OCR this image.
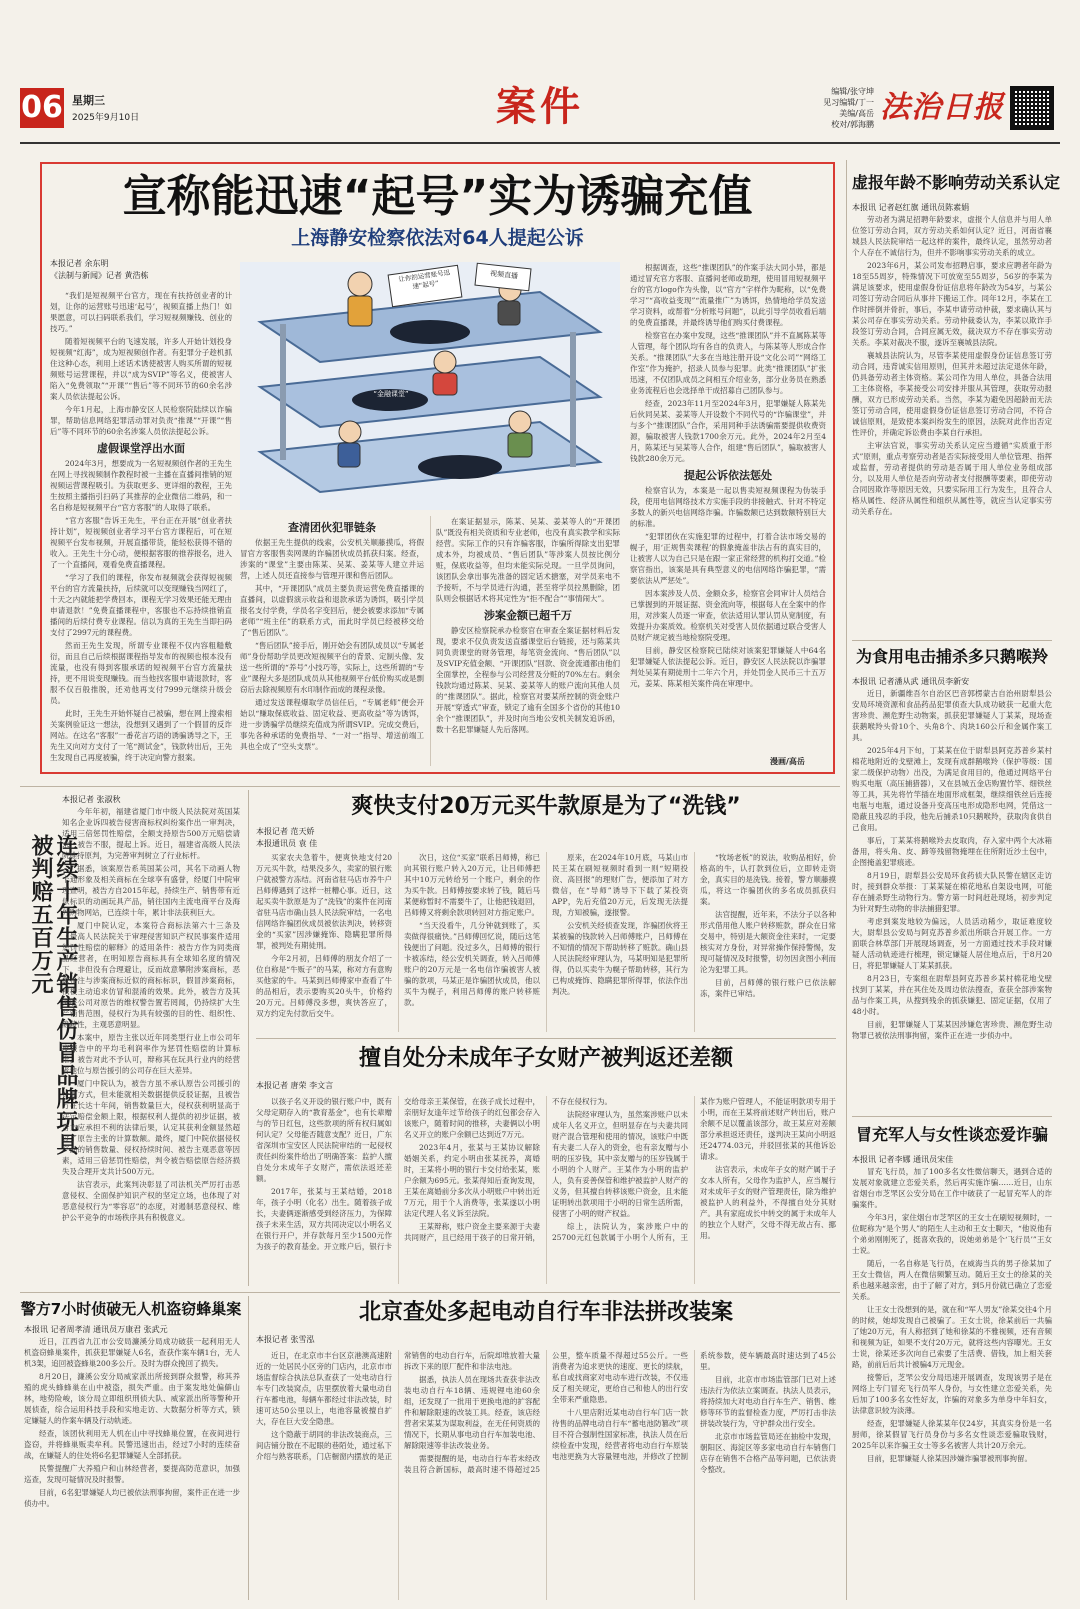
06 星期三
2025年9月10日	案件	编辑/张守坤
见习编辑/丁一
美编/高岳
校对/郭海鹏 法治日报
宣称能迅速“起号”实为诱骗充值
上海静安检察依法对64人提起公诉
本报记者 余东明
《法制与新闻》记者 黄浩栋

“我们是短视频平台官方，现在有扶持创业者的计划，让你的运营账号迅速‘起号’，视频直播上热门！如果愿意，可以扫码联系我们，学习短视频赚钱、创业的技巧。”

随着短视频平台的飞速发展，许多人开始计划投身短视频“红海”，成为短视频创作者。有犯罪分子趁机抓住这种心态，利用上述话术诱使被害人购买所谓的短视频账号运营课程，并以“成为SVIP”等名义，使被害人陷入“免费领取”“开课”“售后”等不同环节的60余名涉案人员依法提起公诉。

今年1月起，上海市静安区人民检察院陆续以诈骗罪，帮助信息网络犯罪活动罪对负责“推课”“开课”“售后”等不同环节的60余名涉案人员依法提起公诉。

虚假课堂浮出水面

2024年3月，想要成为一名短视频创作者的王先生在网上寻找视频制作教程时被一主播在直播间推销的短视频运营课程吸引。为获取更多、更详细的教程，王先生按照主播指引扫码了其推荐的企业微信二维码，和一名自称是短视频平台“官方客服”的人取得了联系。

“官方客服”告诉王先生，平台正在开展“创业者扶持计划”，短视频创业者学习平台官方课程后，可在短视频平台发布视频，开展直播带货，能轻松获得不错的收入。王先生十分心动，便根据客服的推荐报名，进入了一个直播间，观看免费直播课程。

“学习了我们的课程，你发布视频就会获得短视频平台的官方流量扶持，后续就可以变现赚钱当网红了，十天之内就能把学费回本，课程无学习效果还能无理由申请退款！”免费直播课程中，客服也不忘持续推销直播间的后续付费专业课程。信以为真的王先生当即扫码支付了2997元的课程费。

然而王先生发现，所谓专业课程不仅内容粗糙敷衍，而且自己后续根据课程指导发布的视频也根本没有流量，也没有得到客服承诺的短视频平台官方流量扶持，更不用说变现赚钱。而当他找客服申请退款时，客服不仅百般推脱，还劝他再支付7999元继续升级会员。

此时，王先生开始怀疑自己被骗，想在网上搜索相关案例验证这一想法，没想到又遇到了一个假冒的反诈网站。在这名“客服”一番花言巧语的诱骗诱导之下，王先生又向对方支付了一笔“测试金”，钱款转出后，王先生发现自己再度被骗，终于决定向警方报案。

让你的运营账号迅速“起号”
视频直播
“金融课堂”

根据调查，这些“推课团队”的作案手法大同小异，都是通过冒充官方客服、直播间老师或助理，使用冒用短视频平台的官方logo作为头像，以“官方”字样作为昵称，以“免费学习”“高收益变现”“流量推广”为诱饵，热情地给学员发送学习资料，或帮着“分析账号问题”，以此引导学员收看后端的免费直播课，并最终诱导他们购买付费课程。

检察官在办案中发现，这些“推课团队”并不直属陈某等人管理，每个团队均有各自的负责人，与陈某等人形成合作关系。“推课团队”大多在当地注册开设“文化公司”“网络工作室”作为掩护，招录人员参与犯罪。此类“推课团队”扩张迅速，不仅团队成员之间相互介绍业务，部分业务员在熟悉业务流程后也会选择单干成招募自己团队参与。

经查，2023年11月至2024年3月，犯罪嫌疑人陈某先后伙同吴某、姜某等人开设数个不同代号的“诈骗课堂”，并与多个“推课团队”合作，采用同种手法诱骗需要提供收费资源，骗取被害人钱款1700余万元。此外，2024年2月至4月，陈某还与吴某等人合作，组建“售后团队”，骗取被害人钱款280余万元。

提起公诉依法惩处

检察官认为，本案是一起以售卖短视频课程为伪装手段，使用电信网络技术方实施手段的非接触式、针对不特定多数人的新兴电信网络诈骗。诈骗数额已达到数额特别巨大的标准。

“犯罪团伙在实施犯罪的过程中，打着合法市场交易的幌子，用‘正规售卖课程’的假象掩盖非法占有的真实目的，让被害人以为自己只是在跟一家正常经营的机构打交道。”检察官指出，该案是具有典型意义的电信网络诈骗犯罪，“需要依法从严惩处”。

因本案涉及人员、金额众多，检察官会同审计人员结合已掌握到的开展证据、资金流向等，根据每人在全案中的作用，对涉案人员逐一审查，依法适用认罪认罚从宽制度，有效提升办案质效。检察机关对受害人员依据通过联合受害人员财产规定被当地检察院受理。

目前，静安区检察院已陆续对该案犯罪嫌疑人中64名犯罪嫌疑人依法提起公诉。近日，静安区人民法院以诈骗罪判处吴某有期徒刑十二年六个月，并处罚金人民币三十五万元，姜某、陈某相关案件尚在审理中。

漫画/高岳
查清团伙犯罪链条

依据王先生提供的线索，公安机关顺藤摸瓜，将假冒官方客服售卖网课的诈骗团伙成员抓获归案。经查，涉案的“课堂”主要由陈某、吴某、姜某等人建立并运营，上述人员还直接参与管理开课和售后团队。

其中，“开课团队”成员主要负责运营免费直播课的直播间，以虚假演示收益和退款承诺为诱饵，吸引学员报名支付学费，学员名字变回后，便会被要求添加“专属老师”“班主任”的联系方式，而此时学员已经被移交给了“售后团队”。

“售后团队”接手后，刚开始会有团队成员以“专属老师”身份帮助学员更改短视频平台的背景、定制头像、发送一些所谓的“养号”小技巧等，实际上，这些所谓的“专业”课程大多是团队成员从其他视频平台低价购买或是剽窃后去除视频原有水印制作而成的课程录像。

通过发送课程爆取学员信任后，“专属老师”便会开始以“赚取保底收益、固定收益、更高收益”等为诱饵，进一步诱骗学员继续充值成为所谓SVIP。完成交费后，事先各种承诺的免费指导、“一对一”指导、增送前端工具也全成了“空头支票”。

在案证据显示，陈某、吴某、姜某等人的“开课团队”既没有相关资质和专业老师，也没有真实教学和实际经营。实际工作的只有诈骗客服，诈骗所得除支出犯罪成本外，均被成员、“售后团队”等涉案人员按比例分赃，保底收益等，但均未能实际兑现。一旦学员询问，该团队会拿出事先准备的固定话术搪塞，对学员来电不予接听，不与学员进行沟通，甚至将学员拉黑删除，团队则会根据话术将其定性为“拒不配合”“事情闹大”。

涉案金额已超千万

静安区检察院承办检察官在审查全案证据材料后发现，要求不仅负责发送直播课堂后台链接，还与陈某共同负责课堂的财务管理，每笔资金流向、“售后团队”以及SVIP充值金额、“开课团队”回款、资金流通都由他们全面掌控，全程参与公司经营及分赃的70%左右。剩余钱款均通过陈某、吴某、姜某等人的账户流向其他人员的“推课团队”。据此，检察官对要某所控制的资金账户开展“穿透式”审查，锁定了逾有全国多个省份的其他10余个“推课团队”，并及时向当地公安机关制发追诉函，数十名犯罪嫌疑人先后落网。

虚报年龄不影响劳动关系认定

本报讯 记者赵红旗 通讯员陈素娟

劳动者为满足招聘年龄要求，虚报个人信息并与用人单位签订劳动合同，双方劳动关系如何认定？近日，河南省襄城县人民法院审结一起这样的案件，最终认定，虽然劳动者个人存在不诚信行为，但并不影响事实劳动关系的成立。

2023年6月，某公司发布招聘启事，要求应聘者年龄为18至55周岁，特殊情况下可放宽至55周岁，56岁的李某为满足该要求，使用虚假身份证信息将年龄改为54岁，与某公司签订劳动合同后从事井下搬运工作。同年12月，李某在工作时摔倒并骨折，事后，李某申请劳动仲裁，要求确认其与某公司存在事实劳动关系。劳动仲裁委认为，李某以欺诈手段签订劳动合同，合同应属无效，裁决双方不存在事实劳动关系。李某对裁决不服，遂诉至襄城县法院。

襄城县法院认为，尽管李某使用虚假身份证信息签订劳动合同，违背诚实信用原则，但其并未超过法定退休年龄，仍具备劳动者主体资格。某公司作为用人单位，具备合法用工主体资格，李某接受公司安排并服从其管理，获取劳动报酬，双方已形成劳动关系。当然，李某为避免因超龄而无法签订劳动合同，使用虚假身份证信息签订劳动合同，不符合诚信原则，是致使本案纠纷发生的原因，法院对此作出否定性评价，并确定诉讼费由李某自行承担。

主审法官说，事实劳动关系认定应当遵循“实质重于形式”原则，重点考察劳动者是否实际接受用人单位管理、指挥或监督，劳动者提供的劳动是否属于用人单位业务组成部分，以及用人单位是否向劳动者支付报酬等要素，即使劳动合同因欺诈等原因无效，只要实际用工行为发生，且符合人格从属性、经济从属性和组织从属性等，就应当认定事实劳动关系存在。

为食用电击捕杀多只鹅喉羚

本报讯 记者潘从武 通讯员李新安

近日，新疆维吾尔自治区巴音郭楞蒙古自治州尉犁县公安局环境资源和食品药品犯罪侦查大队成功破获一起重大危害珍贵、濒危野生动物案，抓获犯罪嫌疑人丁某某，现场查获鹅喉羚头骨10个、头角8个、肉块160公斤和金属作案工具。

2025年4月下旬，丁某某在位于尉犁县阿克苏普乡某村棉花地附近的戈壁滩上，发现有成群鹅喉羚（保护等级：国家二级保护动物）出没，为满足食用目的，他通过网络平台购买电瓶（高压捕猎器），又在县城五金店购置竹竿、细铁丝等工具，其先将竹竿插在地面形成框架，继续细铁丝后连接电瓶与电瓶，通过设备升变高压电形成隐形电网，凭借这一隐蔽且残忍的手段，他先后捕杀10只鹅喉羚，获取肉食供自己食用。

事后，丁某某将鹅喉羚去皮取肉，存入家中两个大冰箱备用，将头角、皮、蹄等残留物掩埋在住所附近沙土包中，企图掩盖犯罪痕迹。

8月19日，尉犁县公安局环食药侦大队民警在辖区走访时，接到群众举报：丁某某疑在棉花地私自架设电网，可能存在捕杀野生动物行为。警方第一时间赶赴现场，初步判定为针对野生动物的非法捕猎犯罪。

考虑到案发地较为偏远，人员活动稀少，取证难度较大，尉犁县公安局与阿克苏普乡派出所联合开展工作。一方面联合林草部门开展现场调查，另一方面通过技术手段对嫌疑人活动轨迹进行梳理，锁定嫌疑人居住地点后，于8月20日，将犯罪嫌疑人丁某某抓获。

8月23日，专案组在尉犁县阿克苏普乡某村棉花地戈壁找到丁某某，并在其住处及周边依法搜查，查获全部涉案物品与作案工具，从搜到残余的抓获嫌犯、固定证据，仅用了48小时。

目前，犯罪嫌疑人丁某某因涉嫌危害珍贵、濒危野生动物罪已被依法刑事拘留，案件正在进一步侦办中。

冒充军人与女性谈恋爱诈骗

本报讯 记者李娜 通讯员宋佳

冒充飞行员，加了100多名女性微信聊天，遇到合适的发展对象就建立恋爱关系，然后再实施诈骗……近日，山东省烟台市芝罘区公安分局在工作中破获了一起冒充军人的诈骗案件。

今年3月，家住烟台市芝罘区的王女士在刷短视频时，一位昵称为“是个男人”的陌生人主动和王女士聊天，“他说他有个弟弟刚刚死了，挺喜欢我的，说她弟弟是个‘飞行员’”王女士说。

随后，一名自称是飞行员，在威海当兵的男子徐某加了王女士微信，两人在微信频繁互动。随后王女士的徐某的关系也越来越亲密，由于了解了对方，到5月份就已确立了恋爱关系。

让王女士没想到的是，就在和“军人男友”徐某交往4个月的时候，她却发现自己被骗了。王女士说，徐某前后一共骗了她20万元，有人称招到了她和徐某的不雅视频，还有音频和视频为证，如果不支付20万元，就将这些内容曝光。王女士说，徐某还多次向自己索要了生活费、借钱，加上相关套路，前前后后共计被骗4万元现金。

接警后，芝罘公安分局迅速开展调查，发现该男子是在网络上专门冒充飞行员军人身份，与女性建立恋爱关系，先后加了100多名女性好友，诈骗的对象多为单身中年妇女，法律意识较为淡薄。

经查，犯罪嫌疑人徐某某年仅24岁，其真实身份是一名厨师，徐某假冒飞行员身份与多名女性谈恋爱骗取钱财，2025年以来诈骗王女士等多名被害人共计20万余元。

目前，犯罪嫌疑人徐某因涉嫌诈骗罪被刑事拘留。

连续十年生产销售仿冒品牌玩具被判赔五百万元

本报记者 张淑秋

今年年初，福建省厦门市中级人民法院对英国某知名企业诉四被告侵害商标权纠纷案作出一审判决，适用三倍惩罚性赔偿，全额支持原告500万元赔偿请求，被告不服，提起上诉。近日，福建省高级人民法院维持原判，为完善审判树立了行业标杆。

据悉，该案原告系英国某公司，其名下动画人物卡通形象及相关商标在全球享有盛誉，经厦门中院审理查明，被告方自2015年起，持续生产、销售带有近似标识的动画玩具产品，销往国内主流电商平台及海外购物网站，已连续十年，累计非法获利巨大。

厦门中院认定，本案符合商标法第六十三条及《最高人民法院关于审理侵害知识产权民事案件适用惩罚性赔偿的解释》的适用条件：被告方作为同类商品经营者，在明知原告商标具有全球知名度的情况下，非但没有合理避让，反而故意攀附涉案商标，恶意抢注与涉案商标近似的商标标识，假冒涉案商标，积极主动追求仿冒和混淆的效果。此外，被告方及其关联公司对原告的维权警告置若罔闻，仍持续扩大生产销售范围，侵权行为具有较强的目的性、组织性、隐蔽性，主观恶意明显。

本案中，原告主张以近年同类型行业上市公司年度报告中的平均毛利润率作为惩罚性赔偿的计算标准，被告对此不予认可，辩称其在玩具行业内的经营者地位与原告援引的公司存在巨大差异。

厦门中院认为，被告方虽不承认原告公司援引的计算方式，但未能就相关数据提供反驳证据，且被告方在长达十年间，销售数量巨大，侵权获利明显高于法定赔偿金额上限，根据权利人提供的初步证据，被告方应承担不利的法律后果，认定其获利金额显然超过了原告主张的计算数额。最终，厦门中院依据侵权产品的销售数量、侵权持续时间、被告主观恶意等因素，适用三倍惩罚性赔偿，判令被告赔偿原告经济损失及合理开支共计500万元。

法官表示，此案判决彰显了司法机关严厉打击恶意侵权、全面保护知识产权的坚定立场，也体现了对恶意侵权行为“零容忍”的态度，对遏制恶意侵权、维护公平竞争的市场秩序具有积极意义。

爽快支付20万元买牛款原是为了“洗钱”
本报记者 范天娇
本报通讯员 袁 佳

买家农夫急着牛，便爽快地支付20万元买牛款，结果没多久，卖家的银行账户就被警方冻结。河南省驻马店市养牛户吕师傅遇到了这样一桩糟心事。近日，这起买卖牛款原是为了“洗钱”的案件在河南省驻马店市确山县人民法院审结，一名电信网络诈骗团伙成员被依法判决，转移资金的“买家”因涉嫌掩饰、隐瞒犯罪所得罪，被判处有期徒刑。

今年2月初，吕师傅的朋友介绍了一位自称是“牛贩子”的马某，称对方有意购买他家的牛。马某到吕师傅家中查看了牛的品相后，表示要购买20头牛，价格约20万元。吕师傅没多想，爽快答应了，双方约定先付款后交牛。

次日，这位“买家”联系吕师傅，称已向其银行账户转入20万元，让吕师傅把其中10万元转给另一个账户，剩余的作为买牛款。吕师傅按要求转了钱，随后马某便称暂时不需要牛了，让他把钱退回，吕师傅又将剩余款项转回对方指定账户。

“当天没看牛，几分钟就到账了，买卖做得很痛快。”吕师傅回忆说，随后这笔钱便出了问题。没过多久，吕师傅的银行卡被冻结，经公安机关调查，转入吕师傅账户的20万元是一名电信诈骗被害人被骗的款项，马某正是诈骗团伙成员，他以买牛为幌子，利用吕师傅的账户转移赃款。

原来，在2024年10月底，马某山市民王某在刷短视频时看到一则“短期投资、高回报”的理财广告，便添加了对方微信，在“导师”诱导下下载了某投资APP，先后充值20万元，后发现无法提现，方知被骗，遂报警。

公安机关经侦查发现，诈骗团伙将王某被骗的钱款转入吕师傅账户，吕师傅在不知情的情况下帮助转移了赃款。确山县人民法院经审理认为，马某明知是犯罪所得，仍以买卖牛为幌子帮助转移，其行为已构成掩饰、隐瞒犯罪所得罪，依法作出判决。

“牧场老板”的说法，收购品相好，价格高的牛，认打款到位后，立即转走资金，真实目的是洗钱。接着，警方顺藤摸瓜，将这一诈骗团伙的多名成员抓获归案。

法官提醒，近年来，不法分子以各种形式借用他人账户转移赃款，群众在日常交易中，特别是大额资金往来时，一定要核实对方身份，对异常操作保持警惕，发现可疑情况及时报警，切勿因贪图小利而沦为犯罪工具。

目前，吕师傅的银行账户已依法解冻，案件已审结。

擅自处分未成年子女财产被判返还差额
本报记者 唐荣 李文言

以孩子名义开设的银行账户中，既有父母定期存入的“教育基金”，也有长辈赠与的节日红包，这些款项的所有权归属如何认定？父母能否随意支配？近日，广东省深圳市宝安区人民法院审结的一起侵权责任纠纷案件给出了明确答案：监护人擅自处分未成年子女财产，需依法返还差额。

2017年，张某与王某结婚，2018年，孩子小明（化名）出生。随着孩子成长，夫妻俩逐渐感受到经济压力，为保障孩子未来生活，双方共同决定以小明名义在银行开户，并存款每月至少1500元作为孩子的教育基金。开立账户后，银行卡交给母亲王某保管，在孩子成长过程中，亲朋好友逢年过节给孩子的红包都会存入该账户，随着时间的推移，夫妻俩以小明名义开立的账户余额已达到近7万元。

2023年4月，张某与王某协议解除婚姻关系，约定小明由张某抚养，离婚时，王某将小明的银行卡交付给张某，账户余额为695元。张某得知后查询发现，王某在离婚前分多次从小明账户中转出近7万元，用于个人消费等，张某遂以小明法定代理人名义诉至法院。

王某辩称，账户资金主要来源于夫妻共同财产，且已经用于孩子的日常开销，不存在侵权行为。

法院经审理认为，虽然案涉账户以未成年人名义开立，但明显存在与夫妻共同财产混合管理和使用的情况，该账户中既有夫妻二人存入的资金，也有亲友赠与小明的压岁钱，其中亲友赠与的压岁钱属于小明的个人财产。王某作为小明的监护人，负有妥善保管和维护被监护人财产的义务，但其擅自转移该账户资金，且未能证明转出款项用于小明的日常生活所需，侵害了小明的财产权益。

综上，法院认为，案涉账户中的25700元红包款属于小明个人所有，王某作为账户管理人，不能证明款项专用于小明，而在王某将前述财产转出后，账户余额不足以覆盖该部分，故王某应对差额部分承担返还责任，遂判决王某向小明返还24774.03元，并驳回张某的其他诉讼请求。

法官表示，未成年子女的财产属于子女本人所有，父母作为监护人，应当履行对未成年子女的财产管理责任，除为维护被监护人的利益外，不得擅自处分其财产。具有家庭成长中转交的属于未成年人的独立个人财产，父母不得无故占有、挪用。

警方7小时侦破无人机盗窃蜂巢案

本报讯 记者周孝清 通讯员万康君 张武元

近日，江西省九江市公安局濂溪分局成功破获一起利用无人机盗窃蜂巢案件，抓获犯罪嫌疑人6名，查获作案车辆1台，无人机3架，追回被盗蜂巢200多公斤。及时为群众挽回了损失。

8月20日，濂溪公安分局威家派出所接到群众报警，称其养殖的虎头蜂蜂巢在山中被盗，损失严重。由于案发地处偏僻山林，地势险峻，该分局立即组织刑侦大队、威家派出所等警种开展侦查，综合运用科技手段和实地走访、大数据分析等方式，锁定嫌疑人的作案车辆及行动轨迹。

经查，该团伙利用无人机在山中寻找蜂巢位置，在夜间进行盗窃，并将蜂巢贩卖牟利。民警迅速出击，经过7小时的连续奋战，在嫌疑人的住处将6名犯罪嫌疑人全部抓获。

民警提醒广大养殖户和山林经营者，要提高防范意识，加强巡查，发现可疑情况及时报警。

目前，6名犯罪嫌疑人均已被依法刑事拘留，案件正在进一步侦办中。

北京查处多起电动自行车非法拼改装案
本报记者 张雪泓

近日，在北京市丰台区京港澳高速附近的一处居民小区旁的门店内，北京市市场监督综合执法总队查获了一处电动自行车专门改装窝点，店里摆放着大量电动自行车蓄电池，每辆车都经过非法改装，时速可达50公里以上，电池容量被擅自扩大，存在巨大安全隐患。

这个隐蔽于胡同的非法改装商点，三间店铺分散在不起眼的巷陌处，通过私下介绍与熟客联系，门店橱窗内摆放的是正常销售的电动自行车，后院却堆放着大量拆改下来的原厂配件和非法电池。

据悉，执法人员在现场共查获非法改装电动自行车18辆、违规锂电池60余组，还发现了一批用于更换电池的扩容配件和解除限速的改装工具。经查，该店经营者宋某某为谋取利益，在无任何资质的情况下，长期从事电动自行车加装电池、解除限速等非法改装业务。

需要提醒的是，电动自行车若未经改装且符合新国标，最高时速不得超过25公里，整车质量不得超过55公斤。一些消费者为追求更快的速度、更长的续航，私自或找商家对电动车进行改装，不仅违反了相关规定，更给自己和他人的出行安全带来严重隐患。

十八里店附近某电动自行车门店一款待售的品牌电动自行车“蓄电池防篡改”项目不符合强制性国家标准，执法人员在后续检查中发现，经营者将电动自行车原装电池更换为大容量锂电池，并修改了控制系统参数，使车辆最高时速达到了45公里。

目前，北京市市场监管部门已对上述违法行为依法立案调查。执法人员表示，将持续加大对电动自行车生产、销售、维修等环节的监督检查力度，严厉打击非法拼装改装行为，守护群众出行安全。

北京市市场监管局还在抽检中发现，朝阳区、海淀区等多家电动自行车销售门店存在销售不合格产品等问题，已依法责令整改。
